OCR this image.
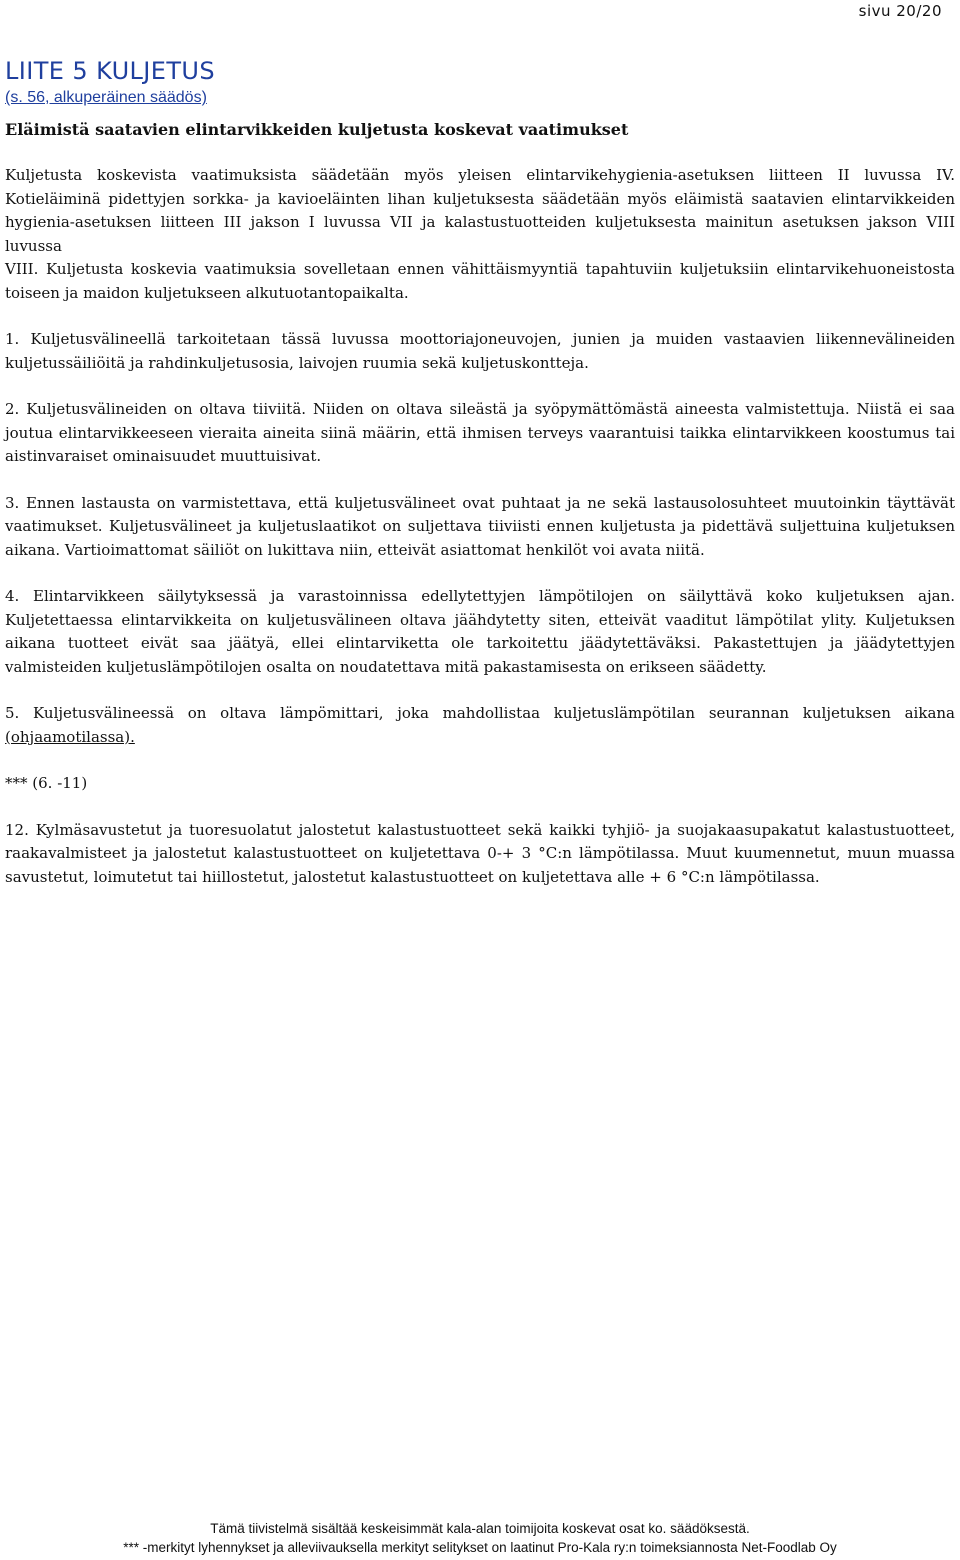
sivu 20/20
LIITE 5 KULJETUS
(s. 56, alkuperäinen säädös)
Eläimistä saatavien elintarvikkeiden kuljetusta koskevat vaatimukset

Kuljetusta koskevista vaatimuksista säädetään myös yleisen elintarvikehygienia-asetuksen liitteen II luvussa IV. Kotieläiminä pidettyjen sorkka- ja kavioeläinten lihan kuljetuksesta säädetään myös eläimistä saatavien elintarvikkeiden hygienia-asetuksen liitteen III jakson I luvussa VII ja kalastustuotteiden kuljetuksesta mainitun asetuksen jakson VIII luvussa

VIII. Kuljetusta koskevia vaatimuksia sovelletaan ennen vähittäismyyntiä tapahtuviin kuljetuksiin elintarvikehuoneistosta toiseen ja maidon kuljetukseen alkutuotantopaikalta.

1. Kuljetusvälineellä tarkoitetaan tässä luvussa moottoriajoneuvojen, junien ja muiden vastaavien liikennevälineiden kuljetussäiliöitä ja rahdinkuljetusosia, laivojen ruumia sekä kuljetuskontteja.

2. Kuljetusvälineiden on oltava tiiviitä. Niiden on oltava sileästä ja syöpymättömästä aineesta valmistettuja. Niistä ei saa joutua elintarvikkeeseen vieraita aineita siinä määrin, että ihmisen terveys vaarantuisi taikka elintarvikkeen koostumus tai aistinvaraiset ominaisuudet muuttuisivat.

3. Ennen lastausta on varmistettava, että kuljetusvälineet ovat puhtaat ja ne sekä lastausolosuhteet muutoinkin täyttävät vaatimukset. Kuljetusvälineet ja kuljetuslaatikot on suljettava tiiviisti ennen kuljetusta ja pidettävä suljettuina kuljetuksen aikana. Vartioimattomat säiliöt on lukittava niin, etteivät asiattomat henkilöt voi avata niitä.

4. Elintarvikkeen säilytyksessä ja varastoinnissa edellytettyjen lämpötilojen on säilyttävä koko kuljetuksen ajan. Kuljetettaessa elintarvikkeita on kuljetusvälineen oltava jäähdytetty siten, etteivät vaaditut lämpötilat ylity. Kuljetuksen aikana tuotteet eivät saa jäätyä, ellei elintarviketta ole tarkoitettu jäädytettäväksi. Pakastettujen ja jäädytettyjen valmisteiden kuljetuslämpötilojen osalta on noudatettava mitä pakastamisesta on erikseen säädetty.

5. Kuljetusvälineessä on oltava lämpömittari, joka mahdollistaa kuljetuslämpötilan seurannan kuljetuksen aikana (ohjaamotilassa).

*** (6. -11)

12. Kylmäsavustetut ja tuoresuolatut jalostetut kalastustuotteet sekä kaikki tyhjiö- ja suojakaasupakatut kalastustuotteet, raakavalmisteet ja jalostetut kalastustuotteet on kuljetettava 0-+ 3 °C:n lämpötilassa. Muut kuumennetut, muun muassa savustetut, loimutetut tai hiillostetut, jalostetut kalastustuotteet on kuljetettava alle + 6 °C:n lämpötilassa.

Tämä tiivistelmä sisältää keskeisimmät kala-alan toimijoita koskevat osat ko. säädöksestä.
*** -merkityt lyhennykset ja alleviivauksella merkityt selitykset on laatinut Pro-Kala ry:n toimeksiannosta Net-Foodlab Oy
